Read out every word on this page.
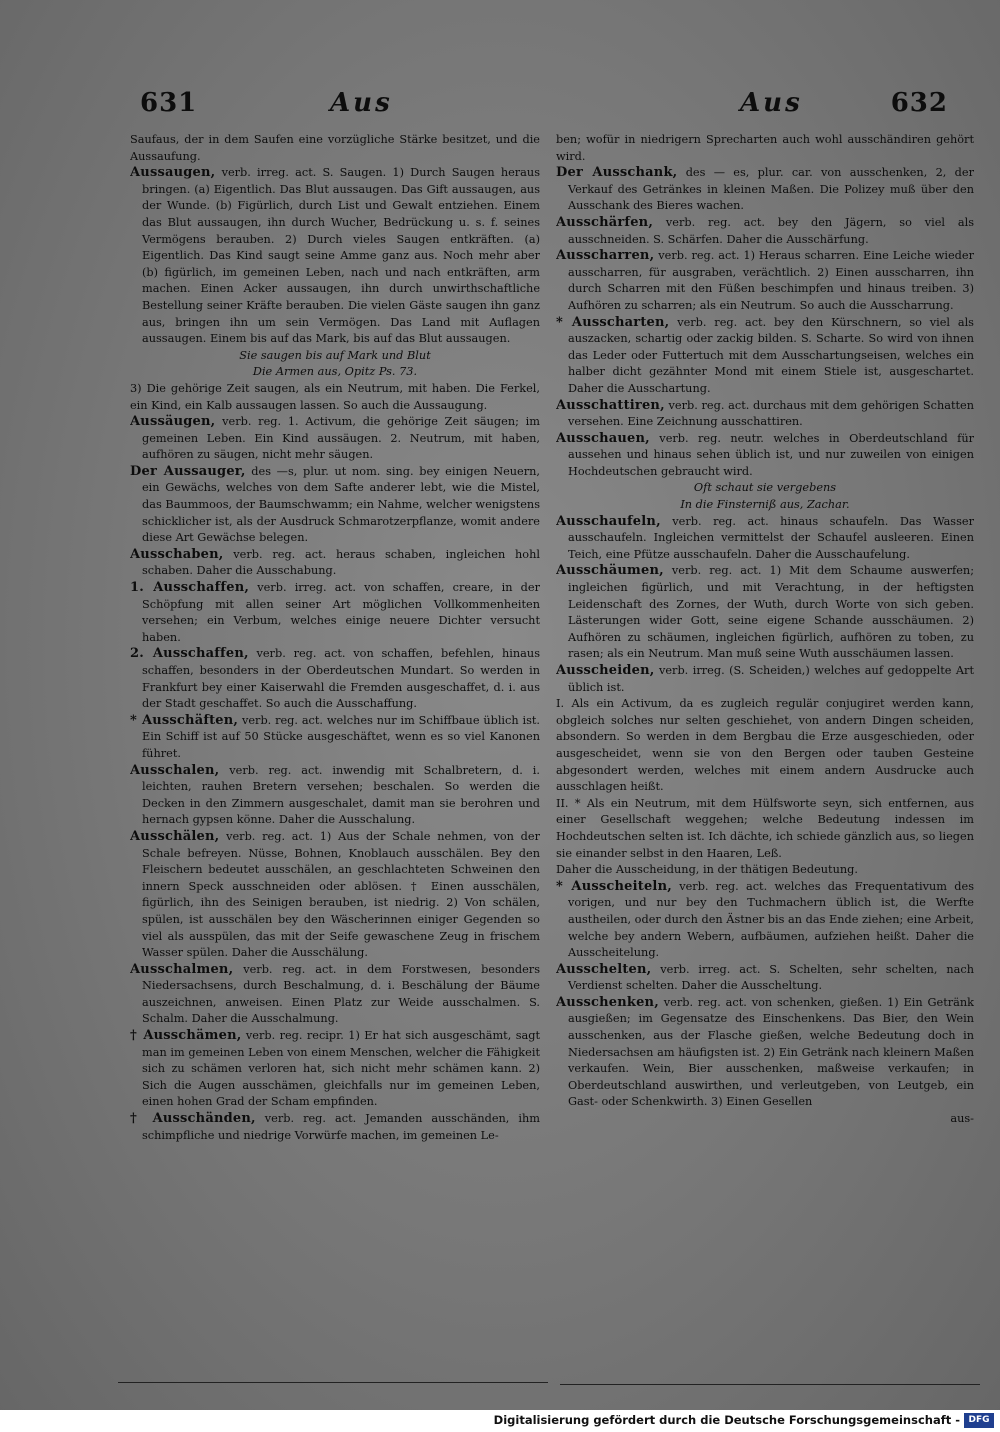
631	Aus	Aus	632

Saufaus, der in dem Saufen eine vorzügliche Stärke besitzet, und die Aussaufung.

Aussaugen, verb. irreg. act. S. Saugen. 1) Durch Saugen heraus bringen. (a) Eigentlich. Das Blut aussaugen. Das Gift aussaugen, aus der Wunde. (b) Figürlich, durch List und Gewalt entziehen. Einem das Blut aussaugen, ihn durch Wucher, Bedrückung u. s. f. seines Vermögens berauben. 2) Durch vieles Saugen entkräften. (a) Eigentlich. Das Kind saugt seine Amme ganz aus. Noch mehr aber (b) figürlich, im gemeinen Leben, nach und nach entkräften, arm machen. Einen Acker aussaugen, ihn durch unwirthschaftliche Bestellung seiner Kräfte berauben. Die vielen Gäste saugen ihn ganz aus, bringen ihn um sein Vermögen. Das Land mit Auflagen aussaugen. Einem bis auf das Mark, bis auf das Blut aussaugen.

Sie saugen bis auf Mark und Blut

Die Armen aus, Opitz Ps. 73.

3) Die gehörige Zeit saugen, als ein Neutrum, mit haben. Die Ferkel, ein Kind, ein Kalb aussaugen lassen. So auch die Aussaugung.

Aussäugen, verb. reg. 1. Activum, die gehörige Zeit säugen; im gemeinen Leben. Ein Kind aussäugen. 2. Neutrum, mit haben, aufhören zu säugen, nicht mehr säugen.

Der Aussauger, des —s, plur. ut nom. sing. bey einigen Neuern, ein Gewächs, welches von dem Safte anderer lebt, wie die Mistel, das Baummoos, der Baumschwamm; ein Nahme, welcher wenigstens schicklicher ist, als der Ausdruck Schmarotzerpflanze, womit andere diese Art Gewächse belegen.

Ausschaben, verb. reg. act. heraus schaben, ingleichen hohl schaben. Daher die Ausschabung.

1. Ausschaffen, verb. irreg. act. von schaffen, creare, in der Schöpfung mit allen seiner Art möglichen Vollkommenheiten versehen; ein Verbum, welches einige neuere Dichter versucht haben.

2. Ausschaffen, verb. reg. act. von schaffen, befehlen, hinaus schaffen, besonders in der Oberdeutschen Mundart. So werden in Frankfurt bey einer Kaiserwahl die Fremden ausgeschaffet, d. i. aus der Stadt geschaffet. So auch die Ausschaffung.

* Ausschäften, verb. reg. act. welches nur im Schiffbaue üblich ist. Ein Schiff ist auf 50 Stücke ausgeschäftet, wenn es so viel Kanonen führet.

Ausschalen, verb. reg. act. inwendig mit Schalbretern, d. i. leichten, rauhen Bretern versehen; beschalen. So werden die Decken in den Zimmern ausgeschalet, damit man sie berohren und hernach gypsen könne. Daher die Ausschalung.

Ausschälen, verb. reg. act. 1) Aus der Schale nehmen, von der Schale befreyen. Nüsse, Bohnen, Knoblauch ausschälen. Bey den Fleischern bedeutet ausschälen, an geschlachteten Schweinen den innern Speck ausschneiden oder ablösen. † Einen ausschälen, figürlich, ihn des Seinigen berauben, ist niedrig. 2) Von schälen, spülen, ist ausschälen bey den Wäscherinnen einiger Gegenden so viel als ausspülen, das mit der Seife gewaschene Zeug in frischem Wasser spülen. Daher die Ausschälung.

Ausschalmen, verb. reg. act. in dem Forstwesen, besonders Niedersachsens, durch Beschalmung, d. i. Beschälung der Bäume auszeichnen, anweisen. Einen Platz zur Weide ausschalmen. S. Schalm. Daher die Ausschalmung.

† Ausschämen, verb. reg. recipr. 1) Er hat sich ausgeschämt, sagt man im gemeinen Leben von einem Menschen, welcher die Fähigkeit sich zu schämen verloren hat, sich nicht mehr schämen kann. 2) Sich die Augen ausschämen, gleichfalls nur im gemeinen Leben, einen hohen Grad der Scham empfinden.

† Ausschänden, verb. reg. act. Jemanden ausschänden, ihm schimpfliche und niedrige Vorwürfe machen, im gemeinen Le-

ben; wofür in niedrigern Sprecharten auch wohl ausschändiren gehört wird.

Der Ausschank, des — es, plur. car. von ausschenken, 2, der Verkauf des Getränkes in kleinen Maßen. Die Polizey muß über den Ausschank des Bieres wachen.

Ausschärfen, verb. reg. act. bey den Jägern, so viel als ausschneiden. S. Schärfen. Daher die Ausschärfung.

Ausscharren, verb. reg. act. 1) Heraus scharren. Eine Leiche wieder ausscharren, für ausgraben, verächtlich. 2) Einen ausscharren, ihn durch Scharren mit den Füßen beschimpfen und hinaus treiben. 3) Aufhören zu scharren; als ein Neutrum. So auch die Ausscharrung.

* Ausscharten, verb. reg. act. bey den Kürschnern, so viel als auszacken, schartig oder zackig bilden. S. Scharte. So wird von ihnen das Leder oder Futtertuch mit dem Ausschartungseisen, welches ein halber dicht gezähnter Mond mit einem Stiele ist, ausgeschartet. Daher die Ausschartung.

Ausschattiren, verb. reg. act. durchaus mit dem gehörigen Schatten versehen. Eine Zeichnung ausschattiren.

Ausschauen, verb. reg. neutr. welches in Oberdeutschland für aussehen und hinaus sehen üblich ist, und nur zuweilen von einigen Hochdeutschen gebraucht wird.

Oft schaut sie vergebens

In die Finsterniß aus, Zachar.

Ausschaufeln, verb. reg. act. hinaus schaufeln. Das Wasser ausschaufeln. Ingleichen vermittelst der Schaufel ausleeren. Einen Teich, eine Pfütze ausschaufeln. Daher die Ausschaufelung.

Ausschäumen, verb. reg. act. 1) Mit dem Schaume auswerfen; ingleichen figürlich, und mit Verachtung, in der heftigsten Leidenschaft des Zornes, der Wuth, durch Worte von sich geben. Lästerungen wider Gott, seine eigene Schande ausschäumen. 2) Aufhören zu schäumen, ingleichen figürlich, aufhören zu toben, zu rasen; als ein Neutrum. Man muß seine Wuth ausschäumen lassen.

Ausscheiden, verb. irreg. (S. Scheiden,) welches auf gedoppelte Art üblich ist.

I. Als ein Activum, da es zugleich regulär conjugiret werden kann, obgleich solches nur selten geschiehet, von andern Dingen scheiden, absondern. So werden in dem Bergbau die Erze ausgeschieden, oder ausgescheidet, wenn sie von den Bergen oder tauben Gesteine abgesondert werden, welches mit einem andern Ausdrucke auch ausschlagen heißt.

II. * Als ein Neutrum, mit dem Hülfsworte seyn, sich entfernen, aus einer Gesellschaft weggehen; welche Bedeutung indessen im Hochdeutschen selten ist. Ich dächte, ich schiede gänzlich aus, so liegen sie einander selbst in den Haaren, Leß.

Daher die Ausscheidung, in der thätigen Bedeutung.

* Ausscheiteln, verb. reg. act. welches das Frequentativum des vorigen, und nur bey den Tuchmachern üblich ist, die Werfte austheilen, oder durch den Ästner bis an das Ende ziehen; eine Arbeit, welche bey andern Webern, aufbäumen, aufziehen heißt. Daher die Ausscheitelung.

Ausschelten, verb. irreg. act. S. Schelten, sehr schelten, nach Verdienst schelten. Daher die Ausscheltung.

Ausschenken, verb. reg. act. von schenken, gießen. 1) Ein Getränk ausgießen; im Gegensatze des Einschenkens. Das Bier, den Wein ausschenken, aus der Flasche gießen, welche Bedeutung doch in Niedersachsen am häufigsten ist. 2) Ein Getränk nach kleinern Maßen verkaufen. Wein, Bier ausschenken, maßweise verkaufen; in Oberdeutschland auswirthen, und verleutgeben, von Leutgeb, ein Gast- oder Schenkwirth. 3) Einen Gesellen

aus-

Digitalisierung gefördert durch die Deutsche Forschungsgemeinschaft - DFG
